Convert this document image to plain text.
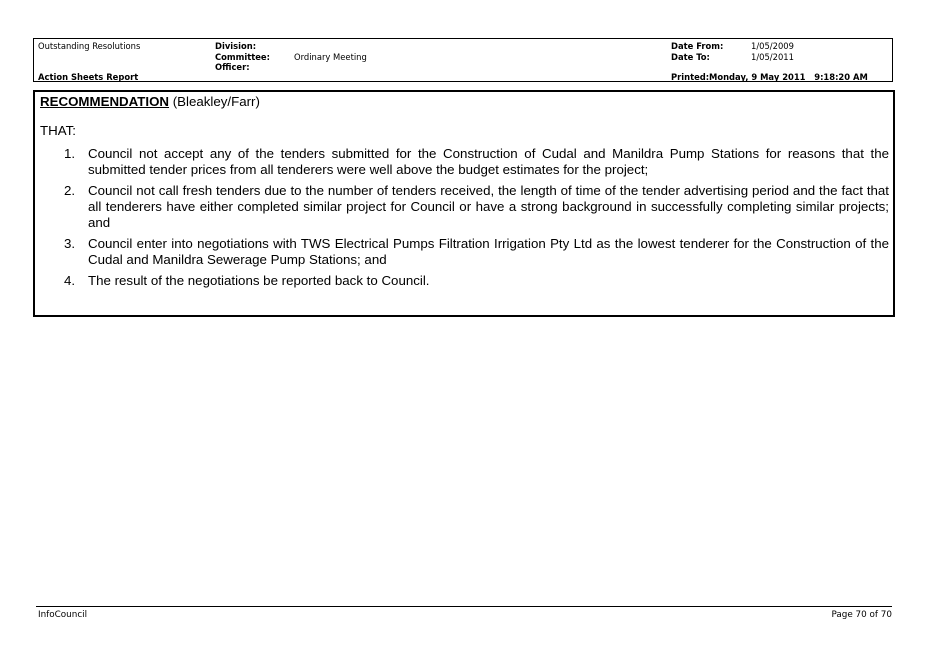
Outstanding Resolutions
Action Sheets Report
Division:
Committee:	Ordinary Meeting
Officer:
Date From:	1/05/2009
Date To:	1/05/2011
Printed: Monday, 9 May 2011   9:18:20 AM
RECOMMENDATION (Bleakley/Farr)
THAT:
1. Council not accept any of the tenders submitted for the Construction of Cudal and Manildra Pump Stations for reasons that the submitted tender prices from all tenderers were well above the budget estimates for the project;
2. Council not call fresh tenders due to the number of tenders received, the length of time of the tender advertising period and the fact that all tenderers have either completed similar project for Council or have a strong background in successfully completing similar projects; and
3. Council enter into negotiations with TWS Electrical Pumps Filtration Irrigation Pty Ltd as the lowest tenderer for the Construction of the Cudal and Manildra Sewerage Pump Stations; and
4. The result of the negotiations be reported back to Council.
InfoCouncil	Page 70 of 70
